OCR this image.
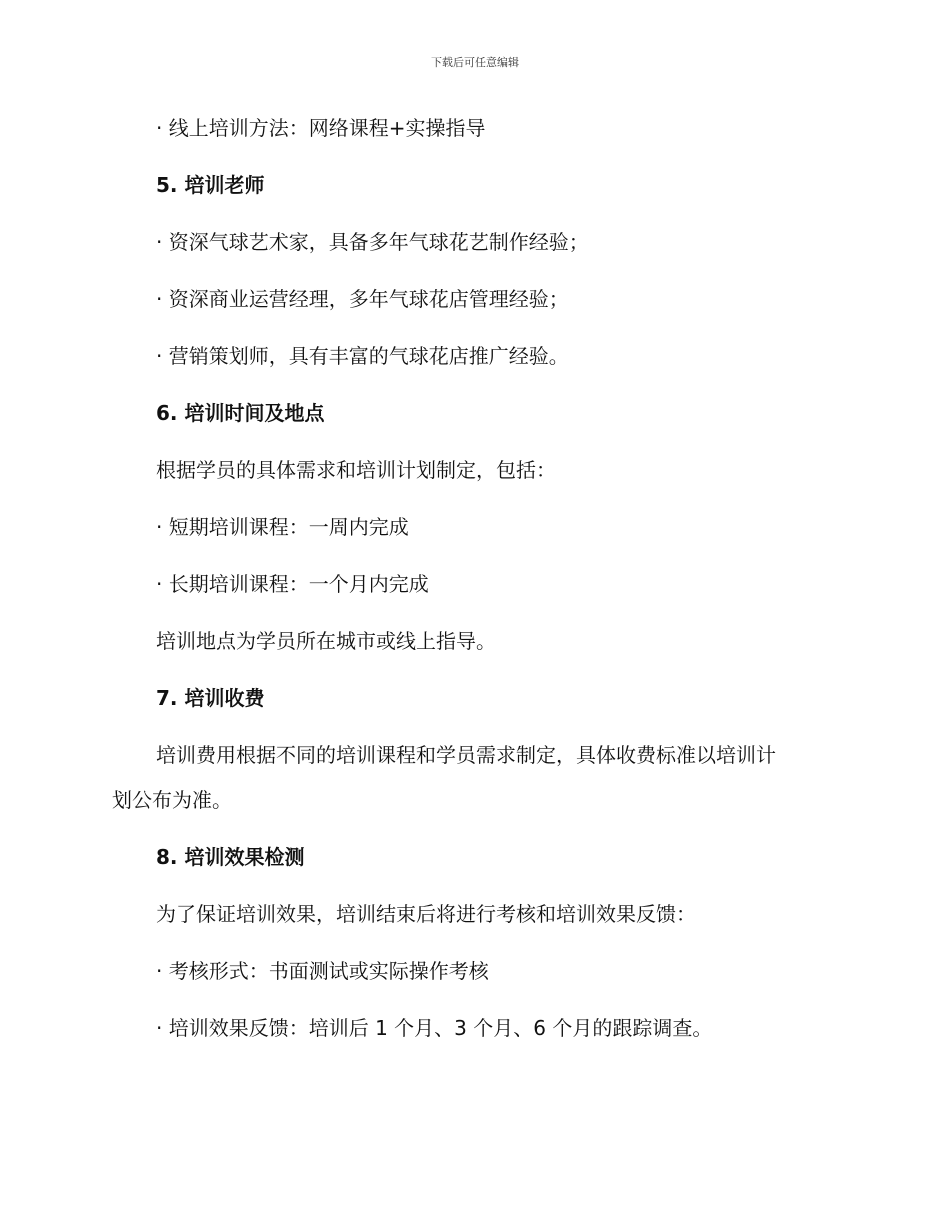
下载后可任意编辑
· 线上培训方法：网络课程+实操指导
5. 培训老师
· 资深气球艺术家，具备多年气球花艺制作经验；
· 资深商业运营经理，多年气球花店管理经验；
· 营销策划师，具有丰富的气球花店推广经验。
6. 培训时间及地点
根据学员的具体需求和培训计划制定，包括：
· 短期培训课程：一周内完成
· 长期培训课程：一个月内完成
培训地点为学员所在城市或线上指导。
7. 培训收费
培训费用根据不同的培训课程和学员需求制定，具体收费标准以培训计
划公布为准。
8. 培训效果检测
为了保证培训效果，培训结束后将进行考核和培训效果反馈：
· 考核形式：书面测试或实际操作考核
· 培训效果反馈：培训后 1 个月、3 个月、6 个月的跟踪调查。
